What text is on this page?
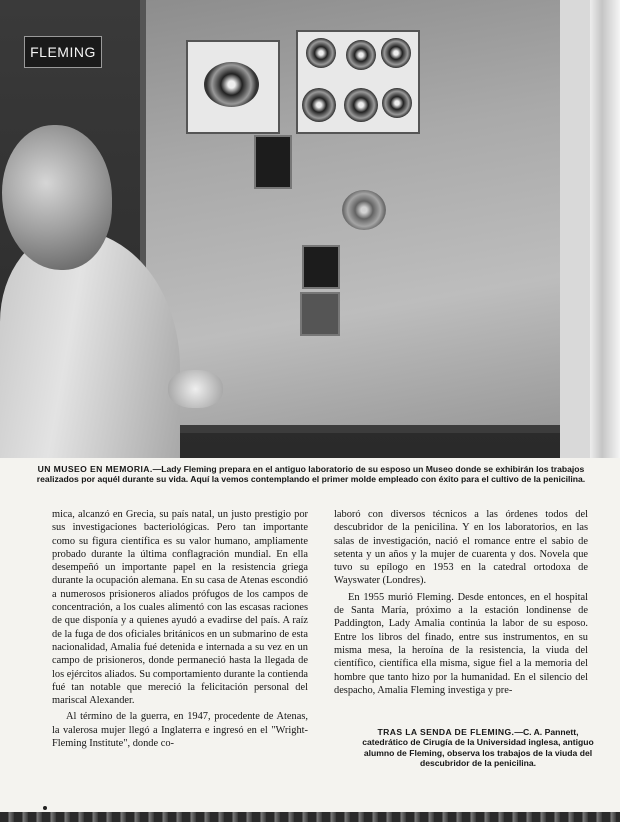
FLEMING
UN MUSEO EN MEMORIA.—Lady Fleming prepara en el antiguo laboratorio de su esposo un Museo donde se exhibirán los trabajos realizados por aquél durante su vida. Aquí la vemos contemplando el primer molde empleado con éxito para el cultivo de la penicilina.

mica, alcanzó en Grecia, su país natal, un justo prestigio por sus investigaciones bacteriológicas. Pero tan importante como su figura científica es su valor humano, ampliamente probado durante la última conflagración mundial. En ella desempeñó un importante papel en la resistencia griega durante la ocupación alemana. En su casa de Atenas escondió a numerosos prisioneros aliados prófugos de los campos de concentración, a los cuales alimentó con las escasas raciones de que disponía y a quienes ayudó a evadirse del país. A raíz de la fuga de dos oficiales británicos en un submarino de esta nacionalidad, Amalia fué detenida e internada a su vez en un campo de prisioneros, donde permaneció hasta la llegada de los ejércitos aliados. Su comportamiento durante la contienda fué tan notable que mereció la felicitación personal del mariscal Alexander.

Al término de la guerra, en 1947, procedente de Atenas, la valerosa mujer llegó a Inglaterra e ingresó en el "Wright-Fleming Institute", donde co-

laboró con diversos técnicos a las órdenes todos del descubridor de la penicilina. Y en los laboratorios, en las salas de investigación, nació el romance entre el sabio de setenta y un años y la mujer de cuarenta y dos. Novela que tuvo su epílogo en 1953 en la catedral ortodoxa de Wayswater (Londres).

En 1955 murió Fleming. Desde entonces, en el hospital de Santa María, próximo a la estación londinense de Paddington, Lady Amalia continúa la labor de su esposo. Entre los libros del finado, entre sus instrumentos, en su misma mesa, la heroína de la resistencia, la viuda del científico, científica ella misma, sigue fiel a la memoria del hombre que tanto hizo por la humanidad. En el silencio del despacho, Amalia Fleming investiga y pre-

TRAS LA SENDA DE FLEMING.—C. A. Pannett, catedrático de Cirugía de la Universidad inglesa, antiguo alumno de Fleming, observa los trabajos de la viuda del descubridor de la penicilina.
